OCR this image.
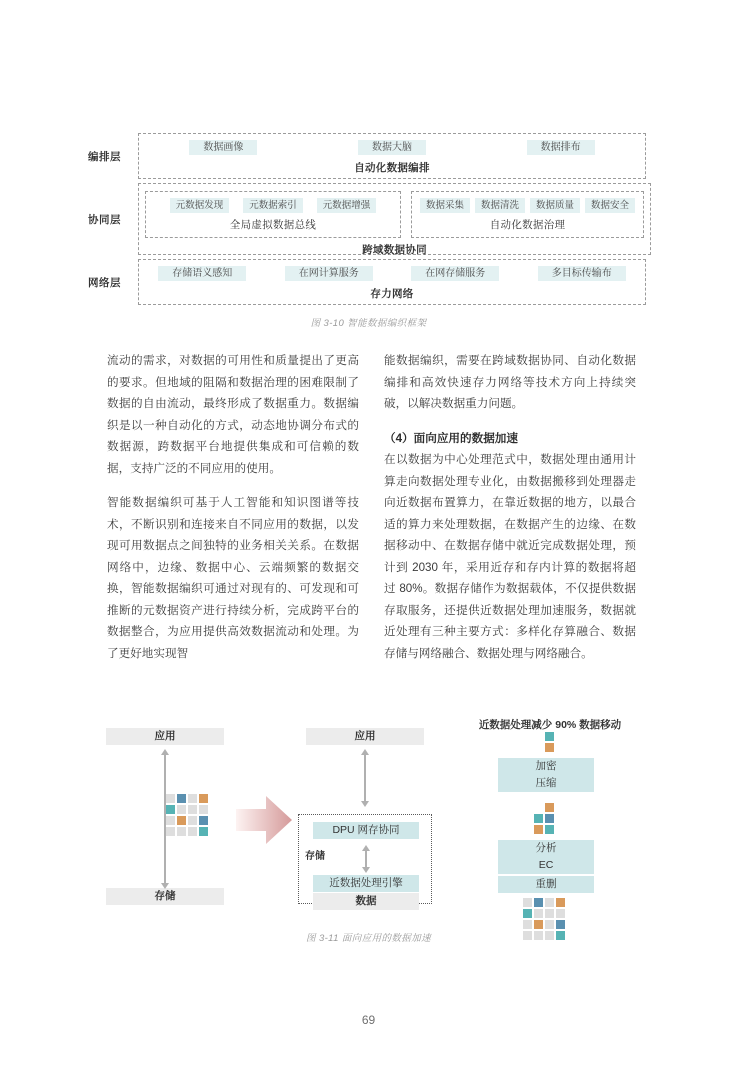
编排层
数据画像	数据大脑	数据排布
自动化数据编排
协同层
元数据发现	元数据索引	元数据增强
全局虚拟数据总线
数据采集	数据清洗	数据质量	数据安全
自动化数据治理
跨域数据协同
网络层
存储语义感知	在网计算服务	在网存储服务	多目标传输布
存力网络
图 3-10 智能数据编织框架

流动的需求，对数据的可用性和质量提出了更高的要求。但地域的阻隔和数据治理的困难限制了数据的自由流动，最终形成了数据重力。数据编织是以一种自动化的方式，动态地协调分布式的数据源，跨数据平台地提供集成和可信赖的数据，支持广泛的不同应用的使用。

智能数据编织可基于人工智能和知识图谱等技术，不断识别和连接来自不同应用的数据，以发现可用数据点之间独特的业务相关关系。在数据网络中，边缘、数据中心、云端频繁的数据交换，智能数据编织可通过对现有的、可发现和可推断的元数据资产进行持续分析，完成跨平台的数据整合，为应用提供高效数据流动和处理。为了更好地实现智

能数据编织，需要在跨域数据协同、自动化数据编排和高效快速存力网络等技术方向上持续突破，以解决数据重力问题。

（4）面向应用的数据加速

在以数据为中心处理范式中，数据处理由通用计算走向数据处理专业化，由数据搬移到处理器走向近数据布置算力，在靠近数据的地方，以最合适的算力来处理数据，在数据产生的边缘、在数据移动中、在数据存储中就近完成数据处理，预计到 2030 年，采用近存和存内计算的数据将超过 80%。数据存储作为数据载体，不仅提供数据存取服务，还提供近数据处理加速服务，数据就近处理有三种主要方式：多样化存算融合、数据存储与网络融合、数据处理与网络融合。

应用
存储
应用
DPU 网存协同
存储
近数据处理引擎
数据
近数据处理减少 90% 数据移动
加密
压缩
分析
EC
重删
图 3-11 面向应用的数据加速
69
